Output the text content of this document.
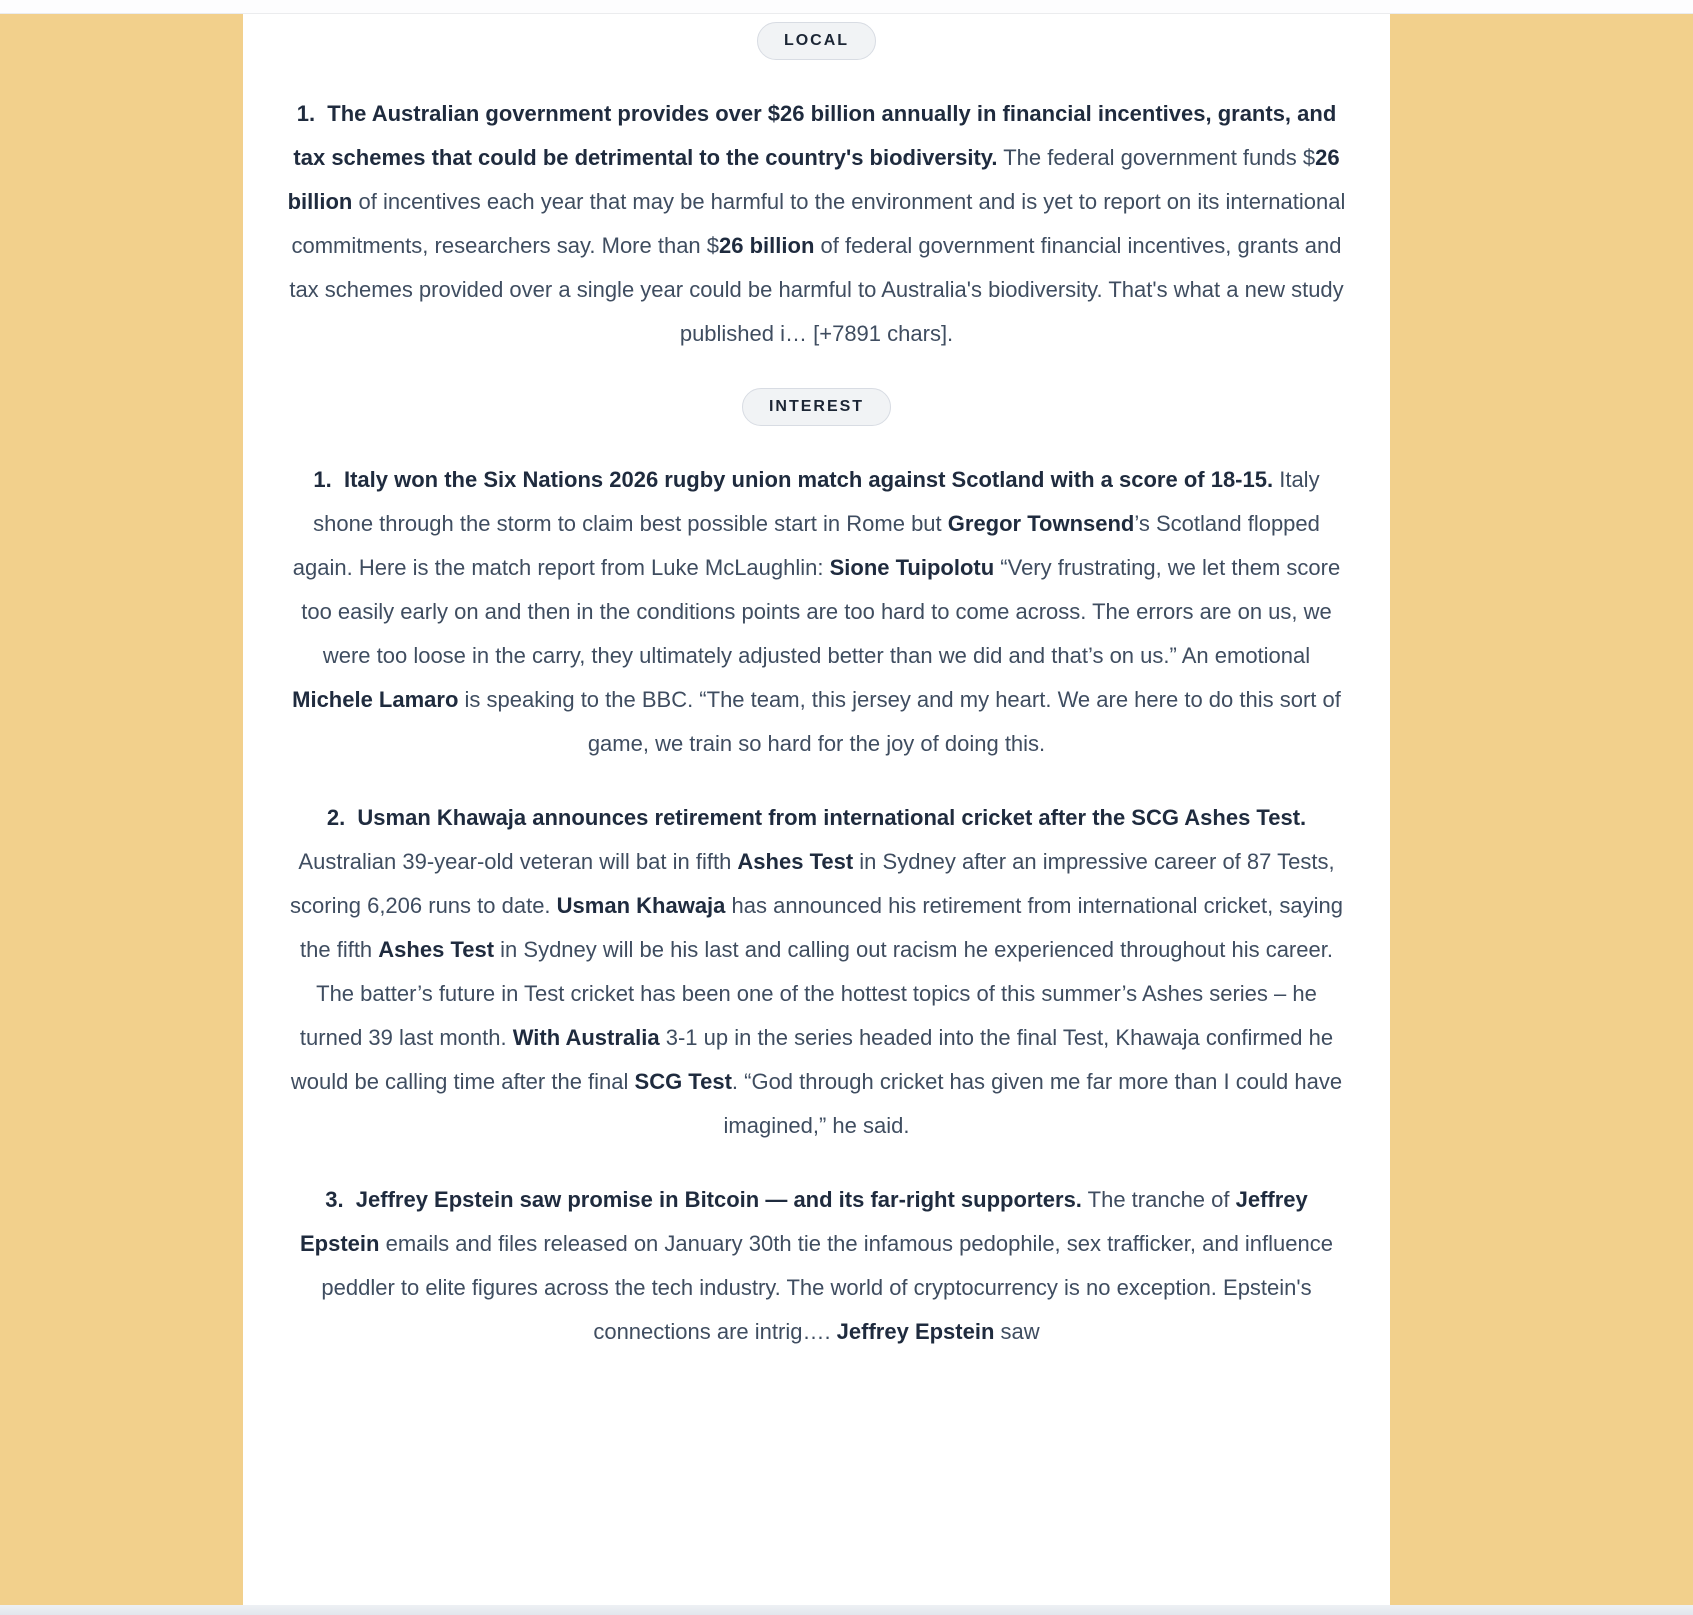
LOCAL

1.  The Australian government provides over $26 billion annually in financial incentives, grants, and tax schemes that could be detrimental to the country's biodiversity. The federal government funds $26 billion of incentives each year that may be harmful to the environment and is yet to report on its international commitments, researchers say. More than $26 billion of federal government financial incentives, grants and tax schemes provided over a single year could be harmful to Australia's biodiversity. That's what a new study published i… [+7891 chars].

INTEREST

1.  Italy won the Six Nations 2026 rugby union match against Scotland with a score of 18-15. Italy shone through the storm to claim best possible start in Rome but Gregor Townsend’s Scotland flopped again. Here is the match report from Luke McLaughlin: Sione Tuipolotu “Very frustrating, we let them score too easily early on and then in the conditions points are too hard to come across. The errors are on us, we were too loose in the carry, they ultimately adjusted better than we did and that’s on us.” An emotional Michele Lamaro is speaking to the BBC. “The team, this jersey and my heart. We are here to do this sort of game, we train so hard for the joy of doing this.

2.  Usman Khawaja announces retirement from international cricket after the SCG Ashes Test. Australian 39-year-old veteran will bat in fifth Ashes Test in Sydney after an impressive career of 87 Tests, scoring 6,206 runs to date. Usman Khawaja has announced his retirement from international cricket, saying the fifth Ashes Test in Sydney will be his last and calling out racism he experienced throughout his career. The batter’s future in Test cricket has been one of the hottest topics of this summer’s Ashes series – he turned 39 last month. With Australia 3-1 up in the series headed into the final Test, Khawaja confirmed he would be calling time after the final SCG Test. “God through cricket has given me far more than I could have imagined,” he said.

3.  Jeffrey Epstein saw promise in Bitcoin — and its far-right supporters. The tranche of Jeffrey Epstein emails and files released on January 30th tie the infamous pedophile, sex trafficker, and influence peddler to elite figures across the tech industry. The world of cryptocurrency is no exception. Epstein's connections are intrig…. Jeffrey Epstein saw
